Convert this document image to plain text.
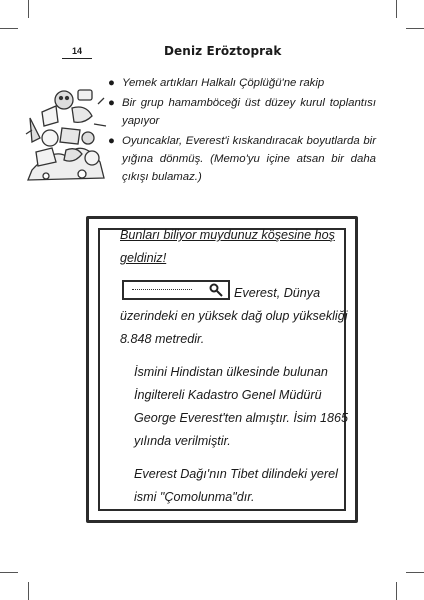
14	Deniz Eröztoprak
● Yemek artıkları Halkalı Çöplüğü'ne rakip
● Bir grup hamamböceği üst düzey kurul toplantısı yapıyor
● Oyuncaklar, Everest'i kıskandıracak boyutlarda bir yığına dönmüş. (Memo'yu içine atsan bir daha çıkışı bulamaz.)

Bunları biliyor muydunuz köşesine hoş geldiniz!

Everest, Dünya üzerindeki en yüksek dağ olup yüksekliği 8.848 metredir.

İsmini Hindistan ülkesinde bulunan İngiltereli Kadastro Genel Müdürü George Everest'ten almıştır. İsim 1865 yılında verilmiştir.

Everest Dağı'nın Tibet dilindeki yerel ismi "Çomolunma"dır.
